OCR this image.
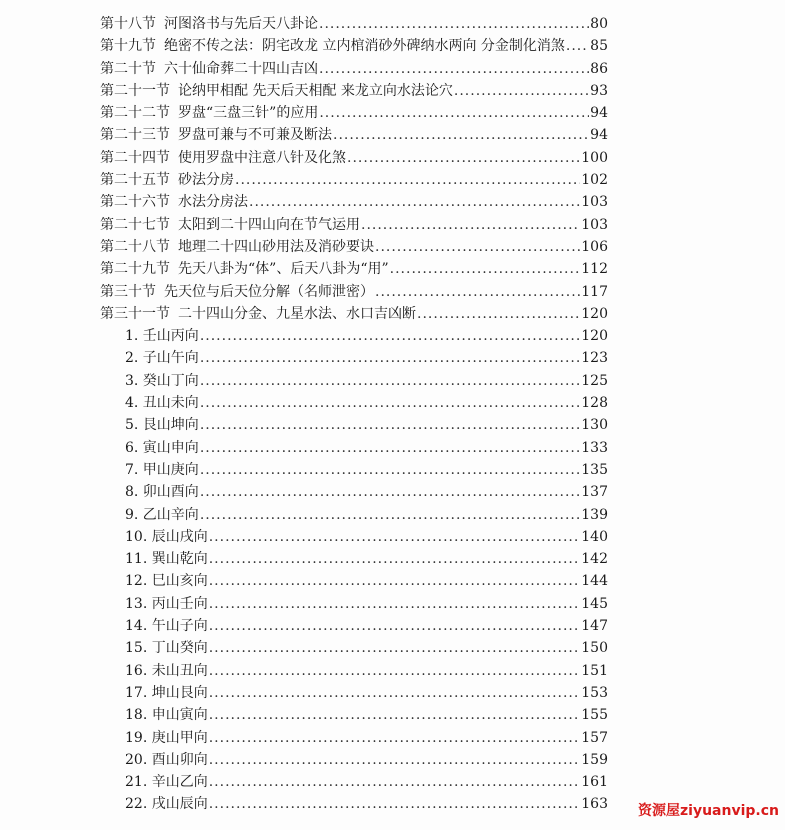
第十八节 河图洛书与先后天八卦论 .....	80
第十九节 绝密不传之法：阴宅改龙 立内棺消砂外碑纳水两向 分金制化消煞 ..... 85
第二十节 六十仙命葬二十四山吉凶 .....	86
第二十一节 论纳甲相配 先天后天相配 来龙立向水法论穴 .....	93
第二十二节 罗盘“三盘三针”的应用 .....	94
第二十三节 罗盘可兼与不可兼及断法 .....	94
第二十四节 使用罗盘中注意八针及化煞 .....	100
第二十五节 砂法分房 .....	102
第二十六节 水法分房法 .....	103
第二十七节 太阳到二十四山向在节气运用 .....	103
第二十八节 地理二十四山砂用法及消砂要诀 .....	106
第二十九节 先天八卦为“体”、后天八卦为“用” .....	112
第三十节 先天位与后天位分解（名师泄密） .....	117
第三十一节 二十四山分金、九星水法、水口吉凶断 .....	120
1. 壬山丙向 .....	120
2. 子山午向 .....	123
3. 癸山丁向 .....	125
4. 丑山未向 .....	128
5. 艮山坤向 .....	130
6. 寅山申向 .....	133
7. 甲山庚向 .....	135
8. 卯山酉向 .....	137
9. 乙山辛向 .....	139
10. 辰山戌向 .....	140
11. 巽山乾向 .....	142
12. 巳山亥向 .....	144
13. 丙山壬向 .....	145
14. 午山子向 .....	147
15. 丁山癸向 .....	150
16. 未山丑向 .....	151
17. 坤山艮向 .....	153
18. 申山寅向 .....	155
19. 庚山甲向 .....	157
20. 酉山卯向 .....	159
21. 辛山乙向 .....	161
22. 戌山辰向 .....	163 资源屋ziyuanvip.cn
